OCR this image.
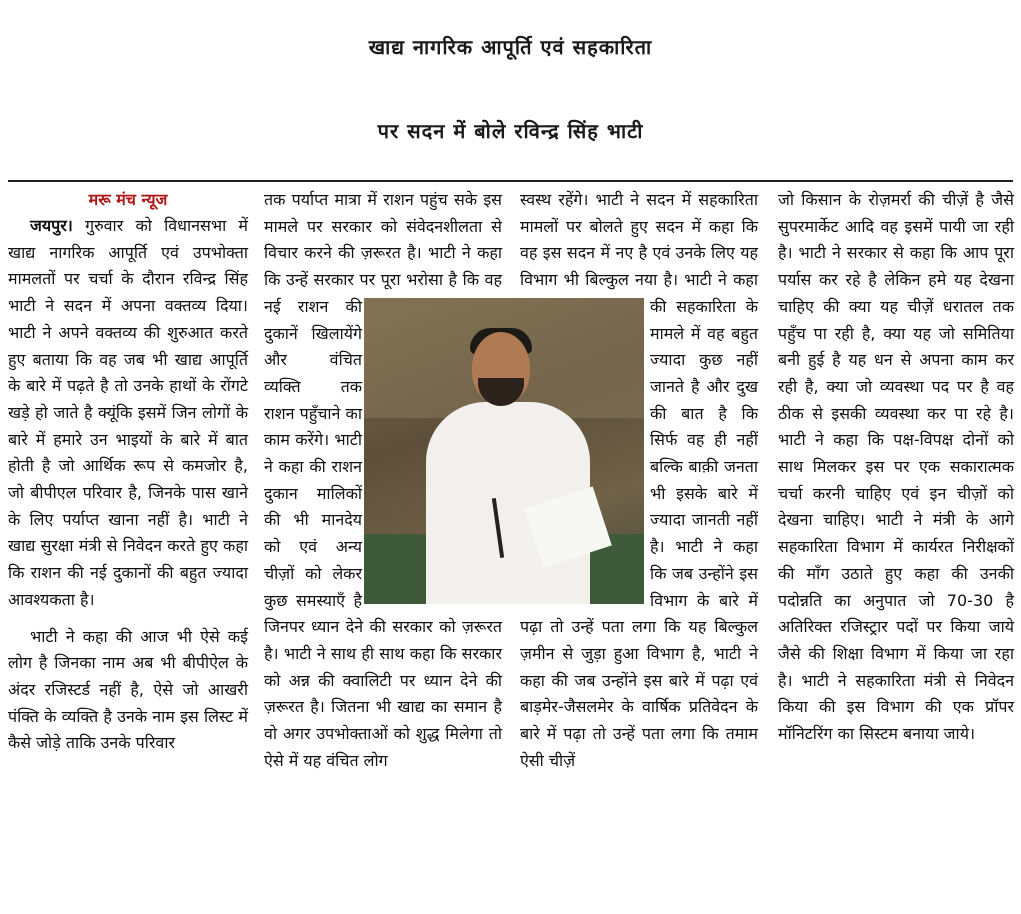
खाद्य नागरिक आपूर्ति एवं सहकारिता
पर सदन में बोले रविन्द्र सिंह भाटी

मरू मंच न्यूज

जयपुर। गुरुवार को विधानसभा में खाद्य नागरिक आपूर्ति एवं उपभोक्ता मामलतों पर चर्चा के दौरान रविन्द्र सिंह भाटी ने सदन में अपना वक्तव्य दिया। भाटी ने अपने वक्तव्य की शुरुआत करते हुए बताया कि वह जब भी खाद्य आपूर्ति के बारे में पढ़ते है तो उनके हाथों के रोंगटे खड़े हो जाते है क्यूंकि इसमें जिन लोगों के बारे में हमारे उन भाइयों के बारे में बात होती है जो आर्थिक रूप से कमजोर है, जो बीपीएल परिवार है, जिनके पास खाने के लिए पर्याप्त खाना नहीं है। भाटी ने खाद्य सुरक्षा मंत्री से निवेदन करते हुए कहा कि राशन की नई दुकानों की बहुत ज्यादा आवश्यकता है।

भाटी ने कहा की आज भी ऐसे कई लोग है जिनका नाम अब भी बीपीऐल के अंदर रजिस्टर्ड नहीं है, ऐसे जो आखरी पंक्ति के व्यक्ति है उनके नाम इस लिस्ट में कैसे जोड़े ताकि उनके परिवार

तक पर्याप्त मात्रा में राशन पहुंच सके इस मामले पर सरकार को संवेदनशीलता से विचार करने की ज़रूरत है। भाटी ने कहा कि उन्हें सरकार पर पूरा भरोसा है कि वह नई राशन की दुकानें खिलायेंगे और वंचित व्यक्ति तक राशन पहुँचाने का काम करेंगे। भाटी ने कहा की राशन दुकान मालिकों की भी मानदेय को एवं अन्य चीज़ों को लेकर कुछ समस्याएँ है जिनपर ध्यान देने की सरकार को ज़रूरत है। भाटी ने साथ ही साथ कहा कि सरकार को अन्न की क्वालिटी पर ध्यान देने की ज़रूरत है। जितना भी खाद्य का समान है वो अगर उपभोक्ताओं को शुद्ध मिलेगा तो ऐसे में यह वंचित लोग

स्वस्थ रहेंगे। भाटी ने सदन में सहकारिता मामलों पर बोलते हुए सदन में कहा कि वह इस सदन में नए है एवं उनके लिए यह विभाग भी बिल्कुल नया है। भाटी ने कहा की सहकारिता के मामले में वह बहुत ज्यादा कुछ नहीं जानते है और दुख की बात है कि सिर्फ वह ही नहीं बल्कि बाक़ी जनता भी इसके बारे में ज्यादा जानती नहीं है। भाटी ने कहा कि जब उन्होंने इस विभाग के बारे में पढ़ा तो उन्हें पता लगा कि यह बिल्कुल ज़मीन से जुड़ा हुआ विभाग है, भाटी ने कहा की जब उन्होंने इस बारे में पढ़ा एवं बाड़मेर-जैसलमेर के वार्षिक प्रतिवेदन के बारे में पढ़ा तो उन्हें पता लगा कि तमाम ऐसी चीज़ें

जो किसान के रोज़मर्रा की चीज़ें है जैसे सुपरमार्केट आदि वह इसमें पायी जा रही है। भाटी ने सरकार से कहा कि आप पूरा पर्यास कर रहे है लेकिन हमे यह देखना चाहिए की क्या यह चीज़ें धरातल तक पहुँच पा रही है, क्या यह जो समितिया बनी हुई है यह धन से अपना काम कर रही है, क्या जो व्यवस्था पद पर है वह ठीक से इसकी व्यवस्था कर पा रहे है। भाटी ने कहा कि पक्ष-विपक्ष दोनों को साथ मिलकर इस पर एक सकारात्मक चर्चा करनी चाहिए एवं इन चीज़ों को देखना चाहिए। भाटी ने मंत्री के आगे सहकारिता विभाग में कार्यरत निरीक्षकों की माँग उठाते हुए कहा की उनकी पदोन्नति का अनुपात जो 70-30 है अतिरिक्त रजिस्ट्रार पदों पर किया जाये जैसे की शिक्षा विभाग में किया जा रहा है। भाटी ने सहकारिता मंत्री से निवेदन किया की इस विभाग की एक प्रॉपर मॉनिटरिंग का सिस्टम बनाया जाये।
